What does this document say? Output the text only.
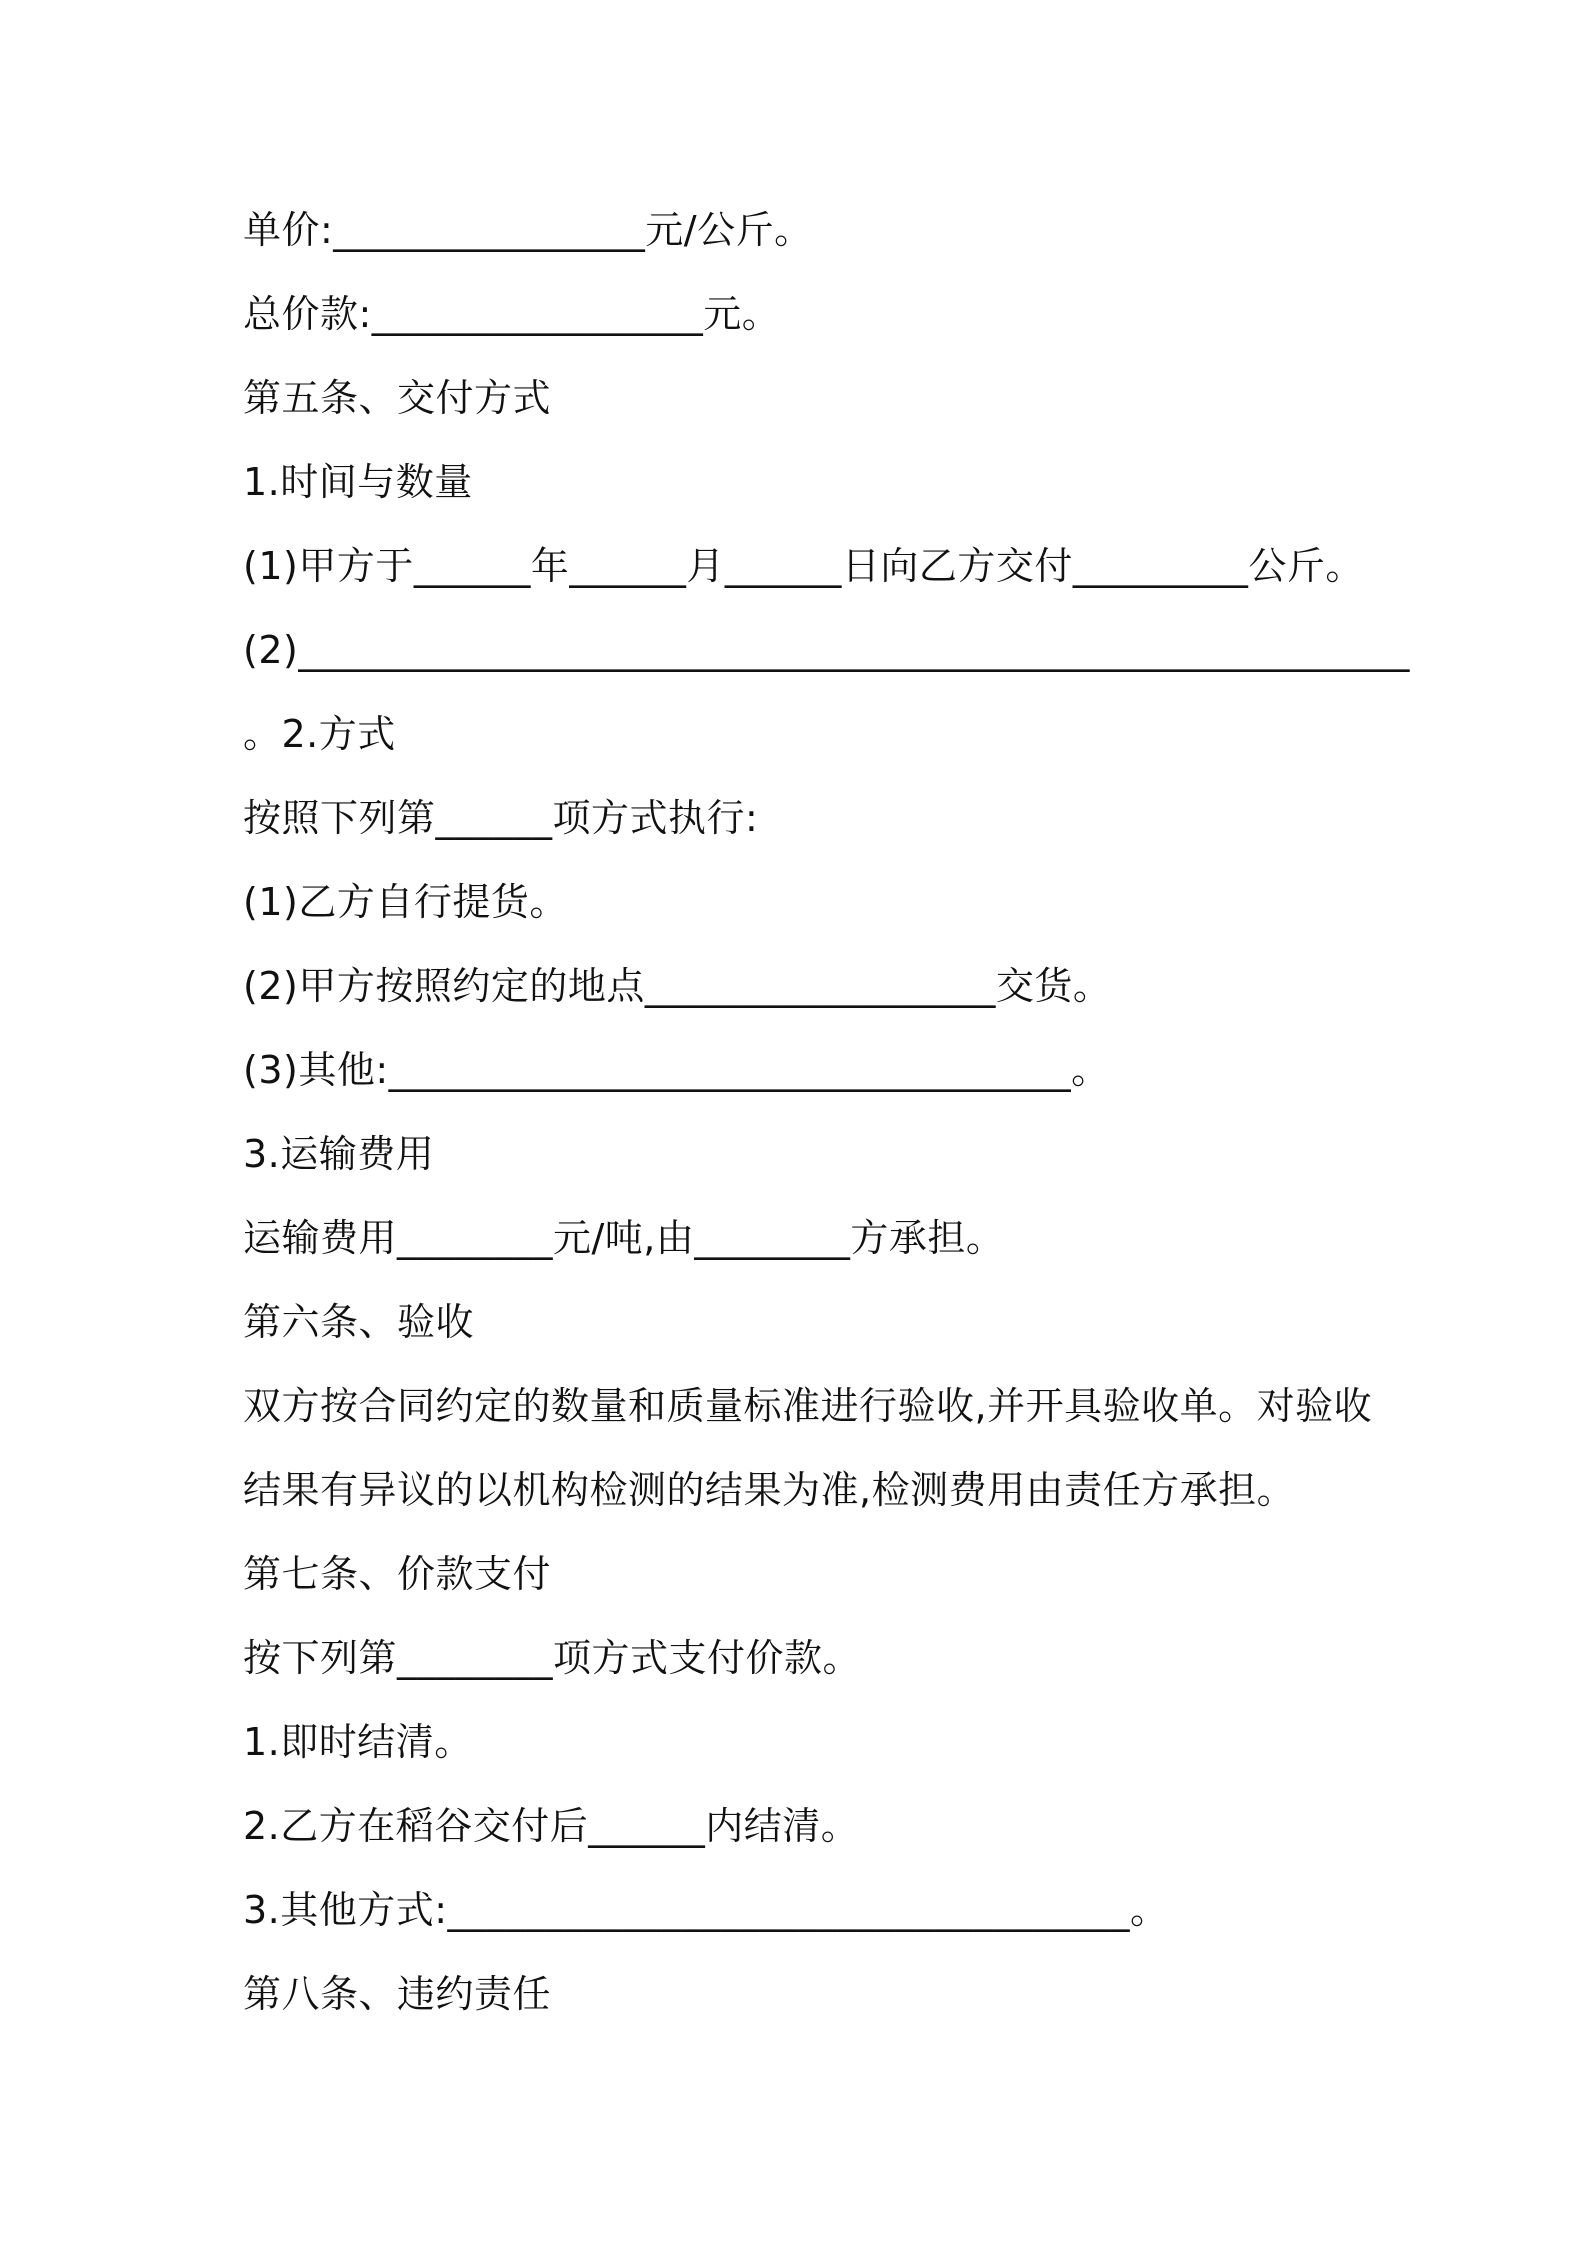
单价:________________元/公斤。
总价款:_________________元。
第五条、交付方式
1.时间与数量
(1)甲方于______年______月______日向乙方交付_________公斤。
(2)_________________________________________________________
。2.方式
按照下列第______项方式执行:
(1)乙方自行提货。
(2)甲方按照约定的地点__________________交货。
(3)其他:___________________________________。
3.运输费用
运输费用________元/吨,由________方承担。
第六条、验收
双方按合同约定的数量和质量标准进行验收,并开具验收单。对验收
结果有异议的以机构检测的结果为准,检测费用由责任方承担。
第七条、价款支付
按下列第________项方式支付价款。
1.即时结清。
2.乙方在稻谷交付后______内结清。
3.其他方式:___________________________________。
第八条、违约责任
